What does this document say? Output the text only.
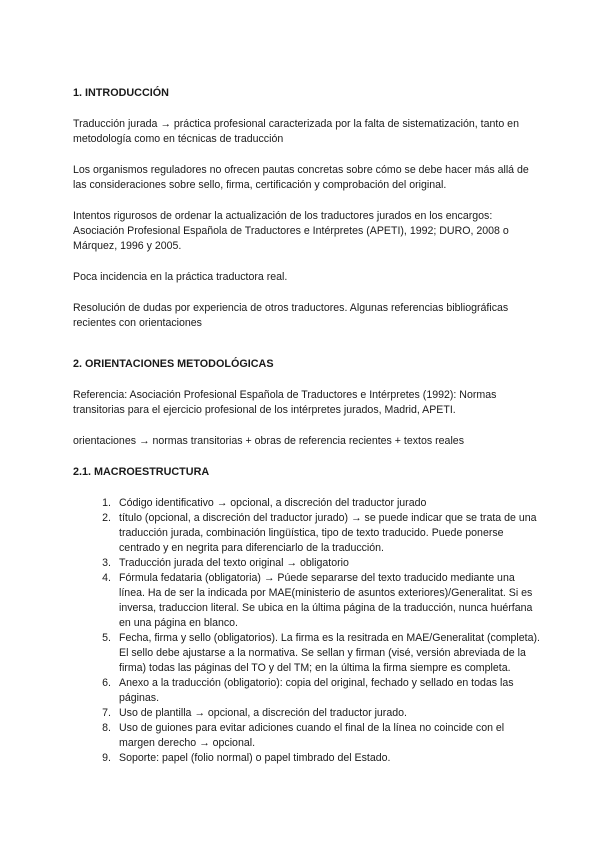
1. INTRODUCCIÓN

Traducción jurada → práctica profesional caracterizada por la falta de sistematización, tanto en metodología como en técnicas de traducción

Los organismos reguladores no ofrecen pautas concretas sobre cómo se debe hacer más allá de las consideraciones sobre sello, firma, certificación y comprobación del original.

Intentos rigurosos de ordenar la actualización de los traductores jurados en los encargos: Asociación Profesional Española de Traductores e Intérpretes (APETI), 1992; DURO, 2008 o Márquez, 1996 y 2005.

Poca incidencia en la práctica traductora real.

Resolución de dudas por experiencia de otros traductores. Algunas referencias bibliográficas recientes con orientaciones

2. ORIENTACIONES METODOLÓGICAS

Referencia: Asociación Profesional Española de Traductores e Intérpretes (1992): Normas transitorias para el ejercicio profesional de los intérpretes jurados, Madrid, APETI.

orientaciones → normas transitorias + obras de referencia recientes + textos reales

2.1. MACROESTRUCTURA
1. Código identificativo → opcional, a discreción del traductor jurado
2. título (opcional, a discreción del traductor jurado) → se puede indicar que se trata de una traducción jurada, combinación lingüística, tipo de texto traducido. Puede ponerse centrado y en negrita para diferenciarlo de la traducción.
3. Traducción jurada del texto original → obligatorio
4. Fórmula fedataria (obligatoria) → Púede separarse del texto traducido mediante una línea. Ha de ser la indicada por MAE(ministerio de asuntos exteriores)/Generalitat. Si es inversa, traduccion literal. Se ubica en la última página de la traducción, nunca huérfana en una página en blanco.
5. Fecha, firma y sello (obligatorios). La firma es la resitrada en MAE/Generalitat (completa). El sello debe ajustarse a la normativa. Se sellan y firman (visé, versión abreviada de la firma) todas las páginas del TO y del TM; en la última la firma siempre es completa.
6. Anexo a la traducción (obligatorio): copia del original, fechado y sellado en todas las páginas.
7. Uso de plantilla → opcional, a discreción del traductor jurado.
8. Uso de guiones para evitar adiciones cuando el final de la línea no coincide con el margen derecho → opcional.
9. Soporte: papel (folio normal) o papel timbrado del Estado.
